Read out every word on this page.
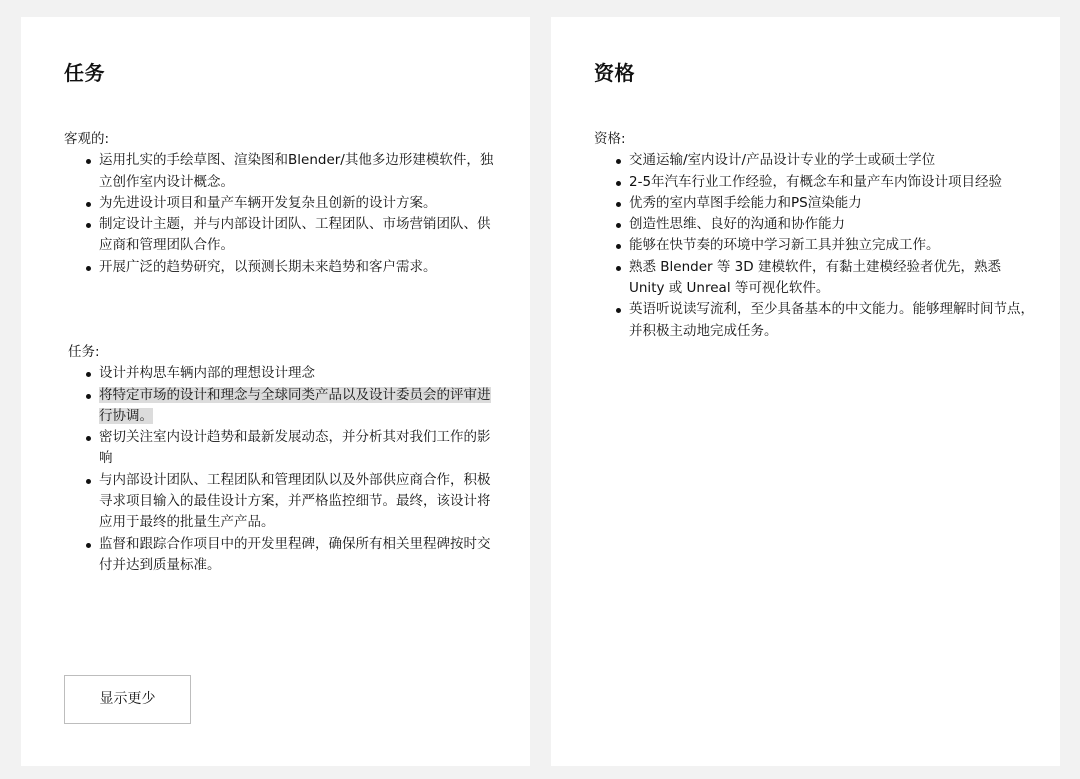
任务
客观的:
运用扎实的手绘草图、渲染图和Blender/其他多边形建模软件，独立创作室内设计概念。
为先进设计项目和量产车辆开发复杂且创新的设计方案。
制定设计主题，并与内部设计团队、工程团队、市场营销团队、供应商和管理团队合作。
开展广泛的趋势研究，以预测长期未来趋势和客户需求。
任务:
设计并构思车辆内部的理想设计理念
将特定市场的设计和理念与全球同类产品以及设计委员会的评审进行协调。
密切关注室内设计趋势和最新发展动态，并分析其对我们工作的影响
与内部设计团队、工程团队和管理团队以及外部供应商合作，积极寻求项目输入的最佳设计方案，并严格监控细节。最终，该设计将应用于最终的批量生产产品。
监督和跟踪合作项目中的开发里程碑，确保所有相关里程碑按时交付并达到质量标准。
显示更少
资格
资格:
交通运输/室内设计/产品设计专业的学士或硕士学位
2-5年汽车行业工作经验，有概念车和量产车内饰设计项目经验
优秀的室内草图手绘能力和PS渲染能力
创造性思维、良好的沟通和协作能力
能够在快节奏的环境中学习新工具并独立完成工作。
熟悉 Blender 等 3D 建模软件，有黏土建模经验者优先，熟悉 Unity 或 Unreal 等可视化软件。
英语听说读写流利，至少具备基本的中文能力。能够理解时间节点，并积极主动地完成任务。
